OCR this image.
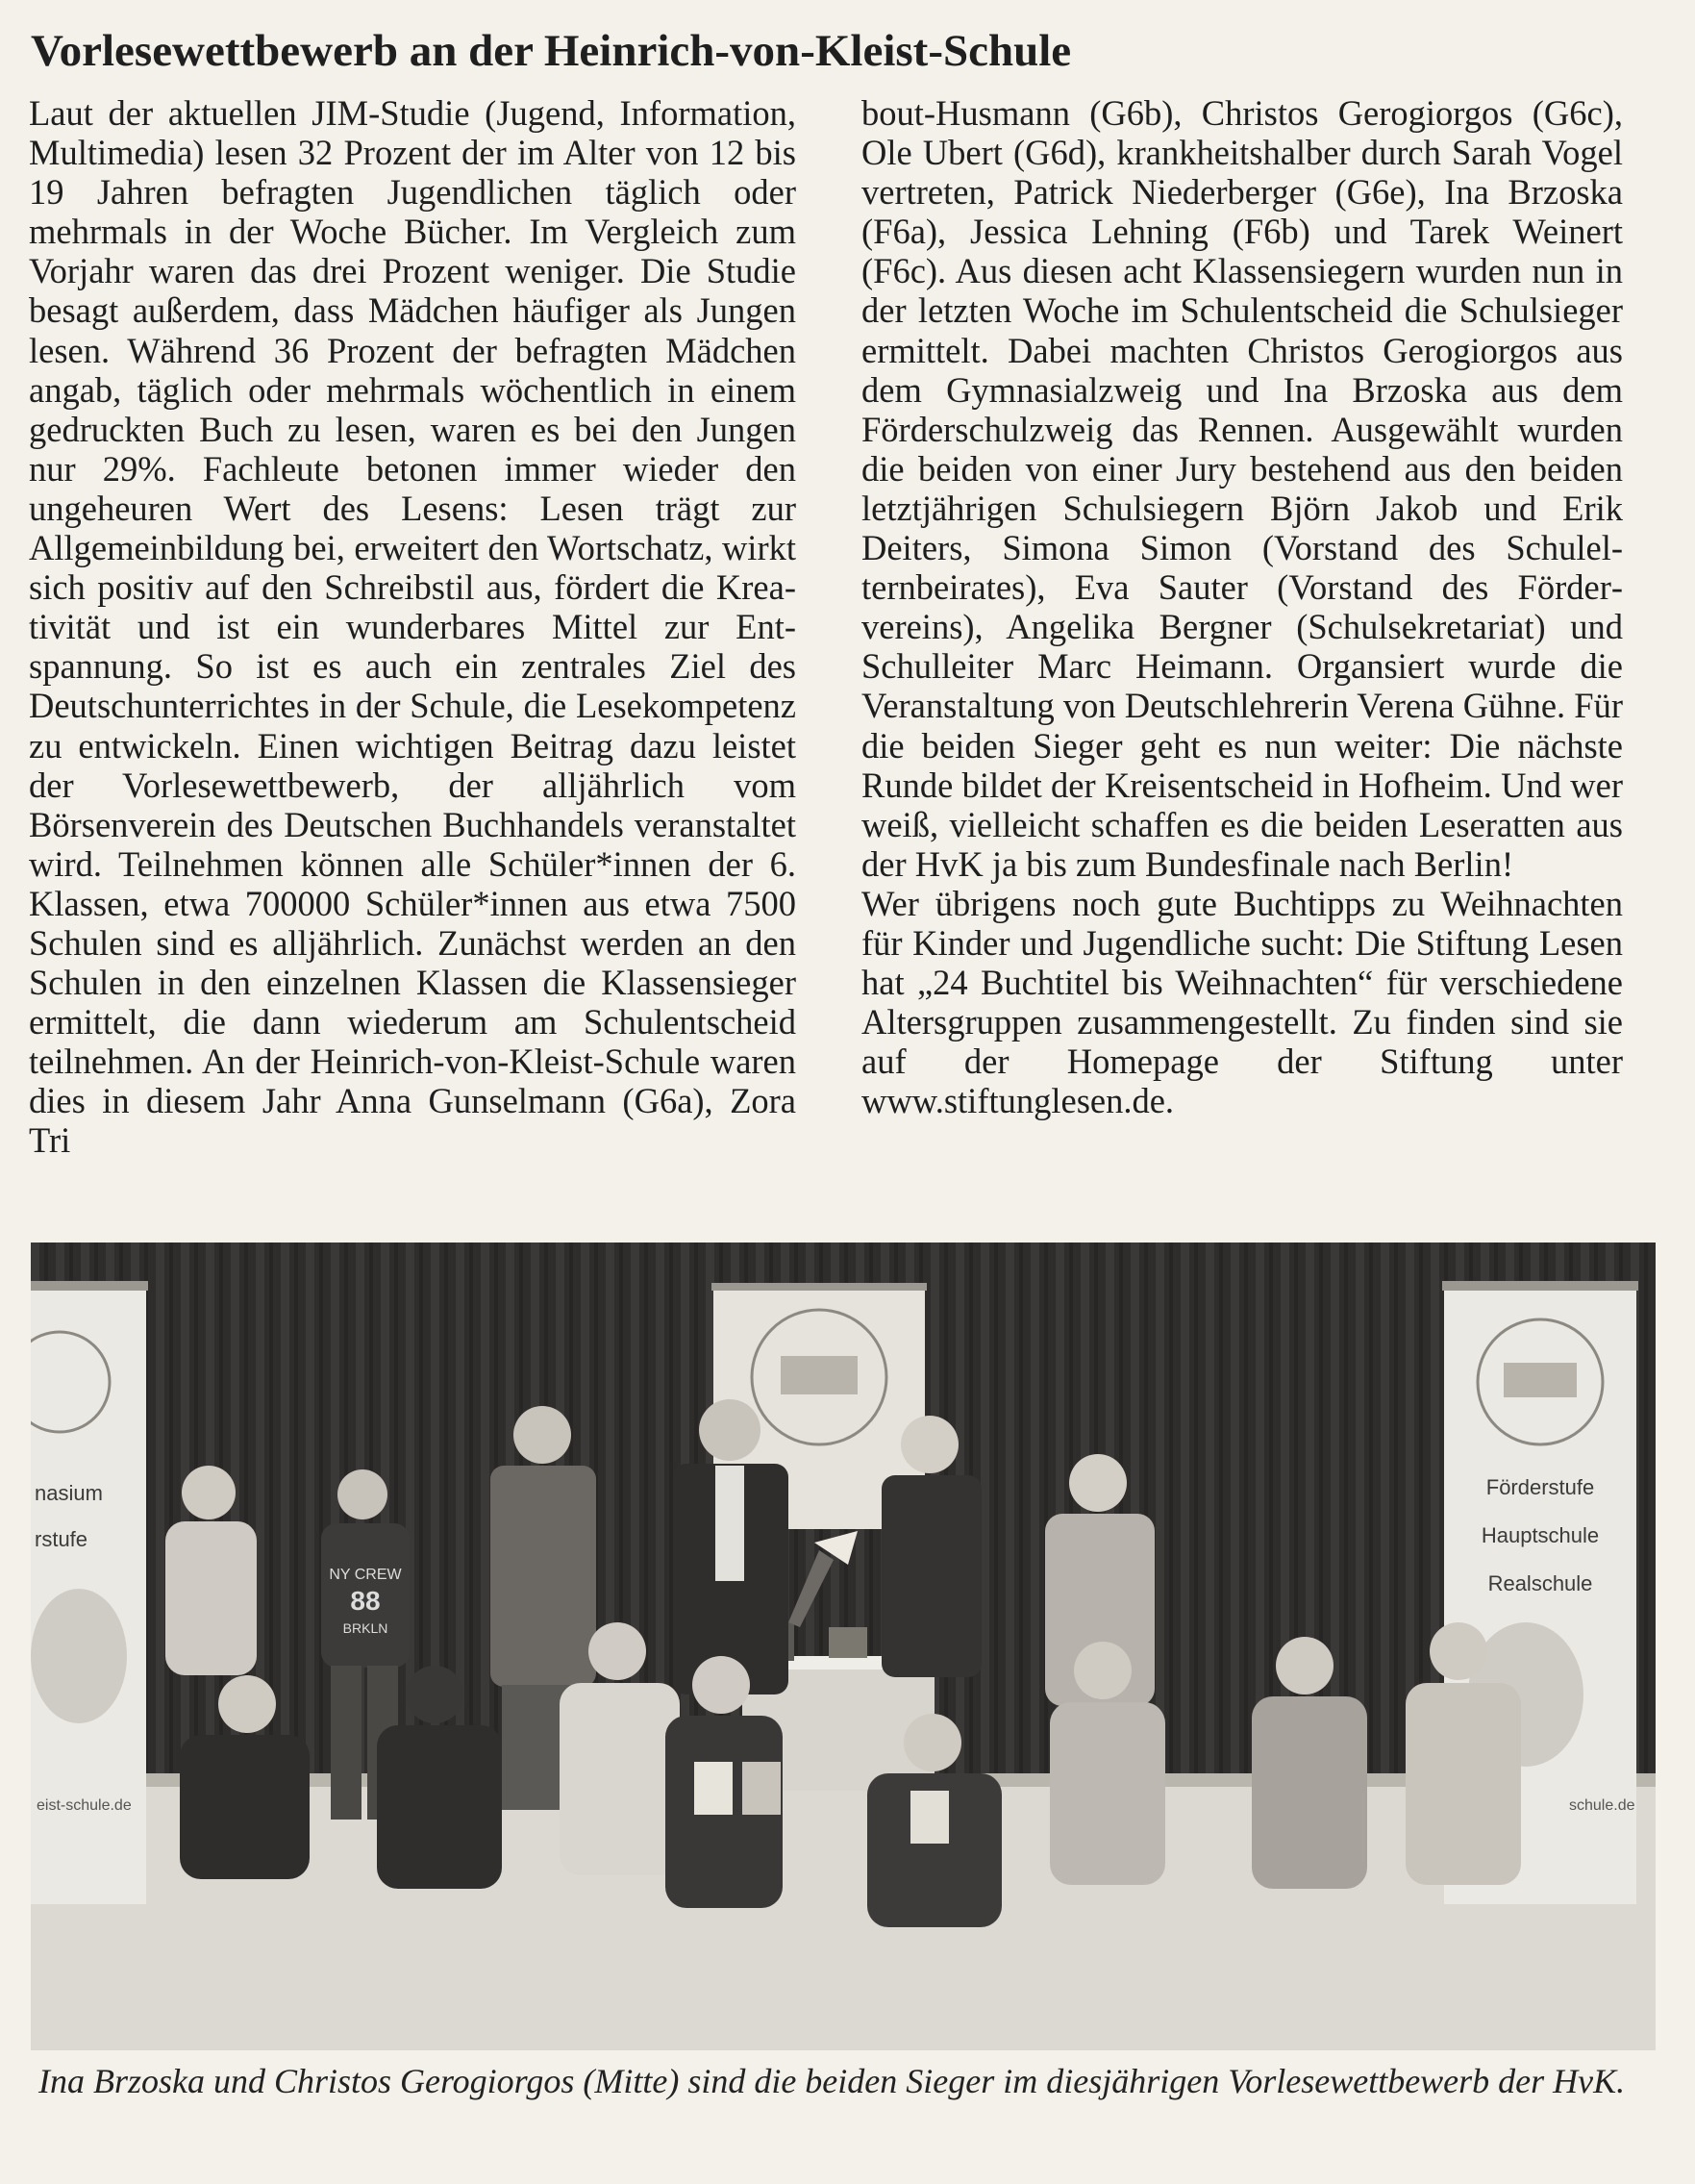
Vorlesewettbewerb an der Heinrich-von-Kleist-Schule

Laut der aktuellen JIM-Studie (Jugend, Information, Multimedia) lesen 32 Prozent der im Alter von 12 bis 19 Jahren befragten Jugendlichen täglich oder mehrmals in der Woche Bücher. Im Vergleich zum Vorjahr waren das drei Prozent weniger. Die Studie besagt außerdem, dass Mädchen häufiger als Jungen lesen. Während 36 Prozent der befragten Mädchen angab, täglich oder mehrmals wöchentlich in einem gedruckten Buch zu lesen, waren es bei den Jungen nur 29%. Fachleute betonen immer wieder den ungeheuren Wert des Lesens: Lesen trägt zur Allgemeinbildung bei, erweitert den Wortschatz, wirkt sich positiv auf den Schreibstil aus, fördert die Kreativität und ist ein wunderbares Mittel zur Entspannung. So ist es auch ein zentrales Ziel des Deutschunterrichtes in der Schule, die Lesekompetenz zu entwickeln. Einen wichtigen Beitrag dazu leistet der Vorlesewettbewerb, der alljährlich vom Börsenverein des Deutschen Buchhandels veranstaltet wird. Teilnehmen können alle Schüler*innen der 6. Klassen, etwa 700000 Schüler*innen aus etwa 7500 Schulen sind es alljährlich. Zunächst werden an den Schulen in den einzelnen Klassen die Klassensieger ermittelt, die dann wiederum am Schulentscheid teilnehmen. An der Heinrich-von-Kleist-Schule waren dies in diesem Jahr Anna Gunselmann (G6a), Zora Tri

bout-Husmann (G6b), Christos Gerogiorgos (G6c), Ole Ubert (G6d), krankheitshalber durch Sarah Vogel vertreten, Patrick Niederberger (G6e), Ina Brzoska (F6a), Jessica Lehning (F6b) und Tarek Weinert (F6c). Aus diesen acht Klassensiegern wurden nun in der letzten Woche im Schulentscheid die Schulsieger ermittelt. Dabei machten Christos Gerogiorgos aus dem Gymnasialzweig und Ina Brzoska aus dem Förderschulzweig das Rennen. Ausgewählt wurden die beiden von einer Jury bestehend aus den beiden letztjährigen Schulsiegern Björn Jakob und Erik Deiters, Simona Simon (Vorstand des Schulelternbeirates), Eva Sauter (Vorstand des Fördervereins), Angelika Bergner (Schulsekretariat) und Schulleiter Marc Heimann. Organsiert wurde die Veranstaltung von Deutschlehrerin Verena Gühne. Für die beiden Sieger geht es nun weiter: Die nächste Runde bildet der Kreisentscheid in Hofheim. Und wer weiß, vielleicht schaffen es die beiden Leseratten aus der HvK ja bis zum Bundesfinale nach Berlin!

Wer übrigens noch gute Buchtipps zu Weihnachten für Kinder und Jugendliche sucht: Die Stiftung Lesen hat „24 Buchtitel bis Weihnachten“ für verschiedene Altersgruppen zusammengestellt. Zu finden sind sie auf der Homepage der Stiftung unter www.stiftunglesen.de.

nasium
rstufe
eist-schule.de
Förderstufe
Hauptschule
Realschule
schule.de
NY CREW
88
BRKLN
Ina Brzoska und Christos Gerogiorgos (Mitte) sind die beiden Sieger im diesjährigen Vorlesewettbewerb der HvK.
